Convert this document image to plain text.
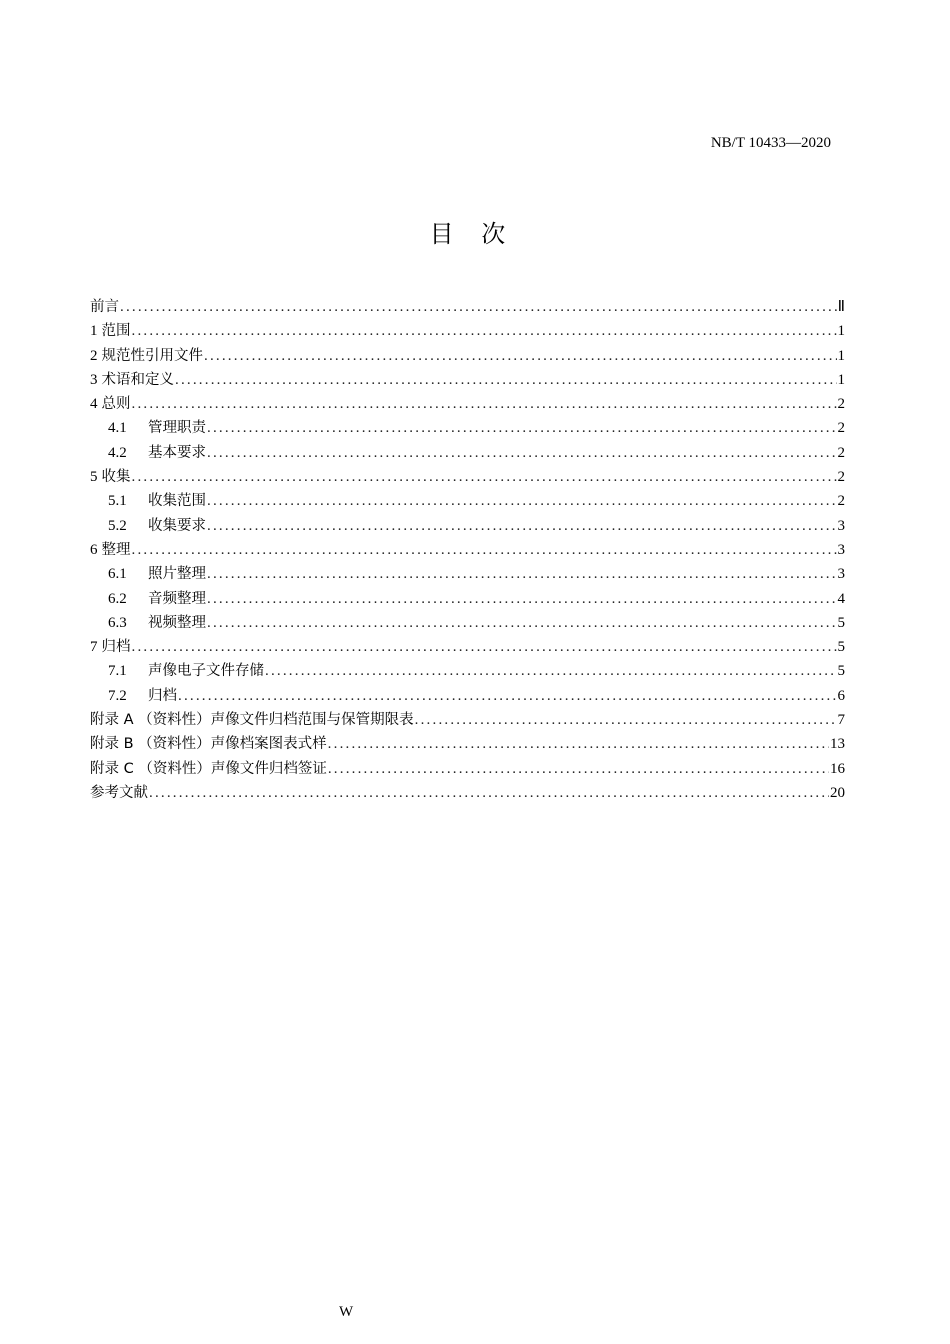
NB/T 10433—2020
目 次
前言 .....	Ⅱ
1 范围 .....	1
2 规范性引用文件 .....	1
3 术语和定义 .....	1
4 总则 .....	2
4.1	管理职责 .....	2
4.2	基本要求 .....	2
5 收集 .....	2
5.1	收集范围 .....	2
5.2	收集要求 .....	3
6 整理 .....	3
6.1	照片整理 .....	3
6.2	音频整理 .....	4
6.3	视频整理 .....	5
7 归档 .....	5
7.1	声像电子文件存储 .....	5
7.2	归档 .....	6
附录 A （资料性）声像文件归档范围与保管期限表 .....	7
附录 B （资料性）声像档案图表式样 .....	13
附录 C （资料性）声像文件归档签证 .....	16
参考文献 .....	20
W
